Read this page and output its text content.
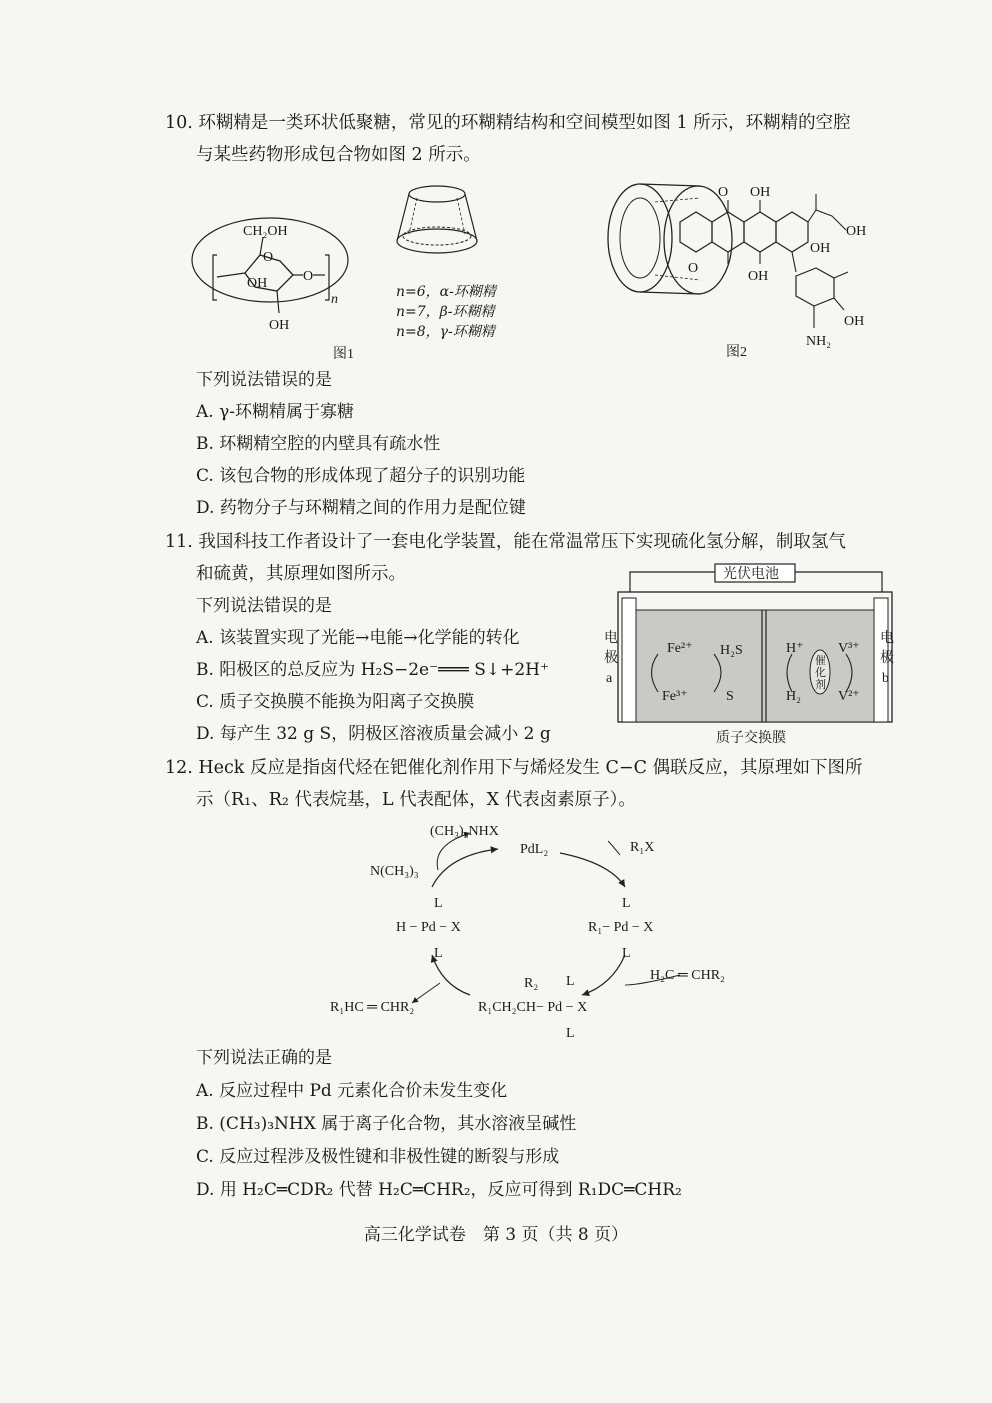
10. 环糊精是一类环状低聚糖，常见的环糊精结构和空间模型如图 1 所示，环糊精的空腔
与某些药物形成包合物如图 2 所示。
CH₂OH
O
OH	O
n
OH
图1
n=6，α-环糊精
n=7，β-环糊精
n=8，γ-环糊精
OH
O
OH
OH
OH
O
OH
NH₂
图2
下列说法错误的是
A. γ-环糊精属于寡糖
B. 环糊精空腔的内壁具有疏水性
C. 该包合物的形成体现了超分子的识别功能
D. 药物分子与环糊精之间的作用力是配位键
11. 我国科技工作者设计了一套电化学装置，能在常温常压下实现硫化氢分解，制取氢气
和硫黄，其原理如图所示。
下列说法错误的是
A. 该装置实现了光能→电能→化学能的转化
B. 阳极区的总反应为 H₂S−2e⁻═══ S↓+2H⁺
C. 质子交换膜不能换为阳离子交换膜
D. 每产生 32 g S，阴极区溶液质量会减小 2 g
光伏电池
Fe²⁺
Fe³⁺
H₂S
S
H⁺
H₂
V³⁺
V²⁺
催
化
剂
电
极
a
电
极
b
质子交换膜
12. Heck 反应是指卤代烃在钯催化剂作用下与烯烃发生 C−C 偶联反应，其原理如下图所
示（R₁、R₂ 代表烷基，L 代表配体，X 代表卤素原子）。
PdL₂
(CH₃)₃NHX
N(CH₃)₃
R₁X
L
H − Pd − X
L
L
R₁− Pd − X
L
H₂C ═ CHR₂
R₁HC ═ CHR₂
R₂ L
R₁CH₂CH− Pd − X
L
下列说法正确的是
A. 反应过程中 Pd 元素化合价未发生变化
B. (CH₃)₃NHX 属于离子化合物，其水溶液呈碱性
C. 反应过程涉及极性键和非极性键的断裂与形成
D. 用 H₂C═CDR₂ 代替 H₂C═CHR₂，反应可得到 R₁DC═CHR₂
高三化学试卷　第 3 页（共 8 页）
